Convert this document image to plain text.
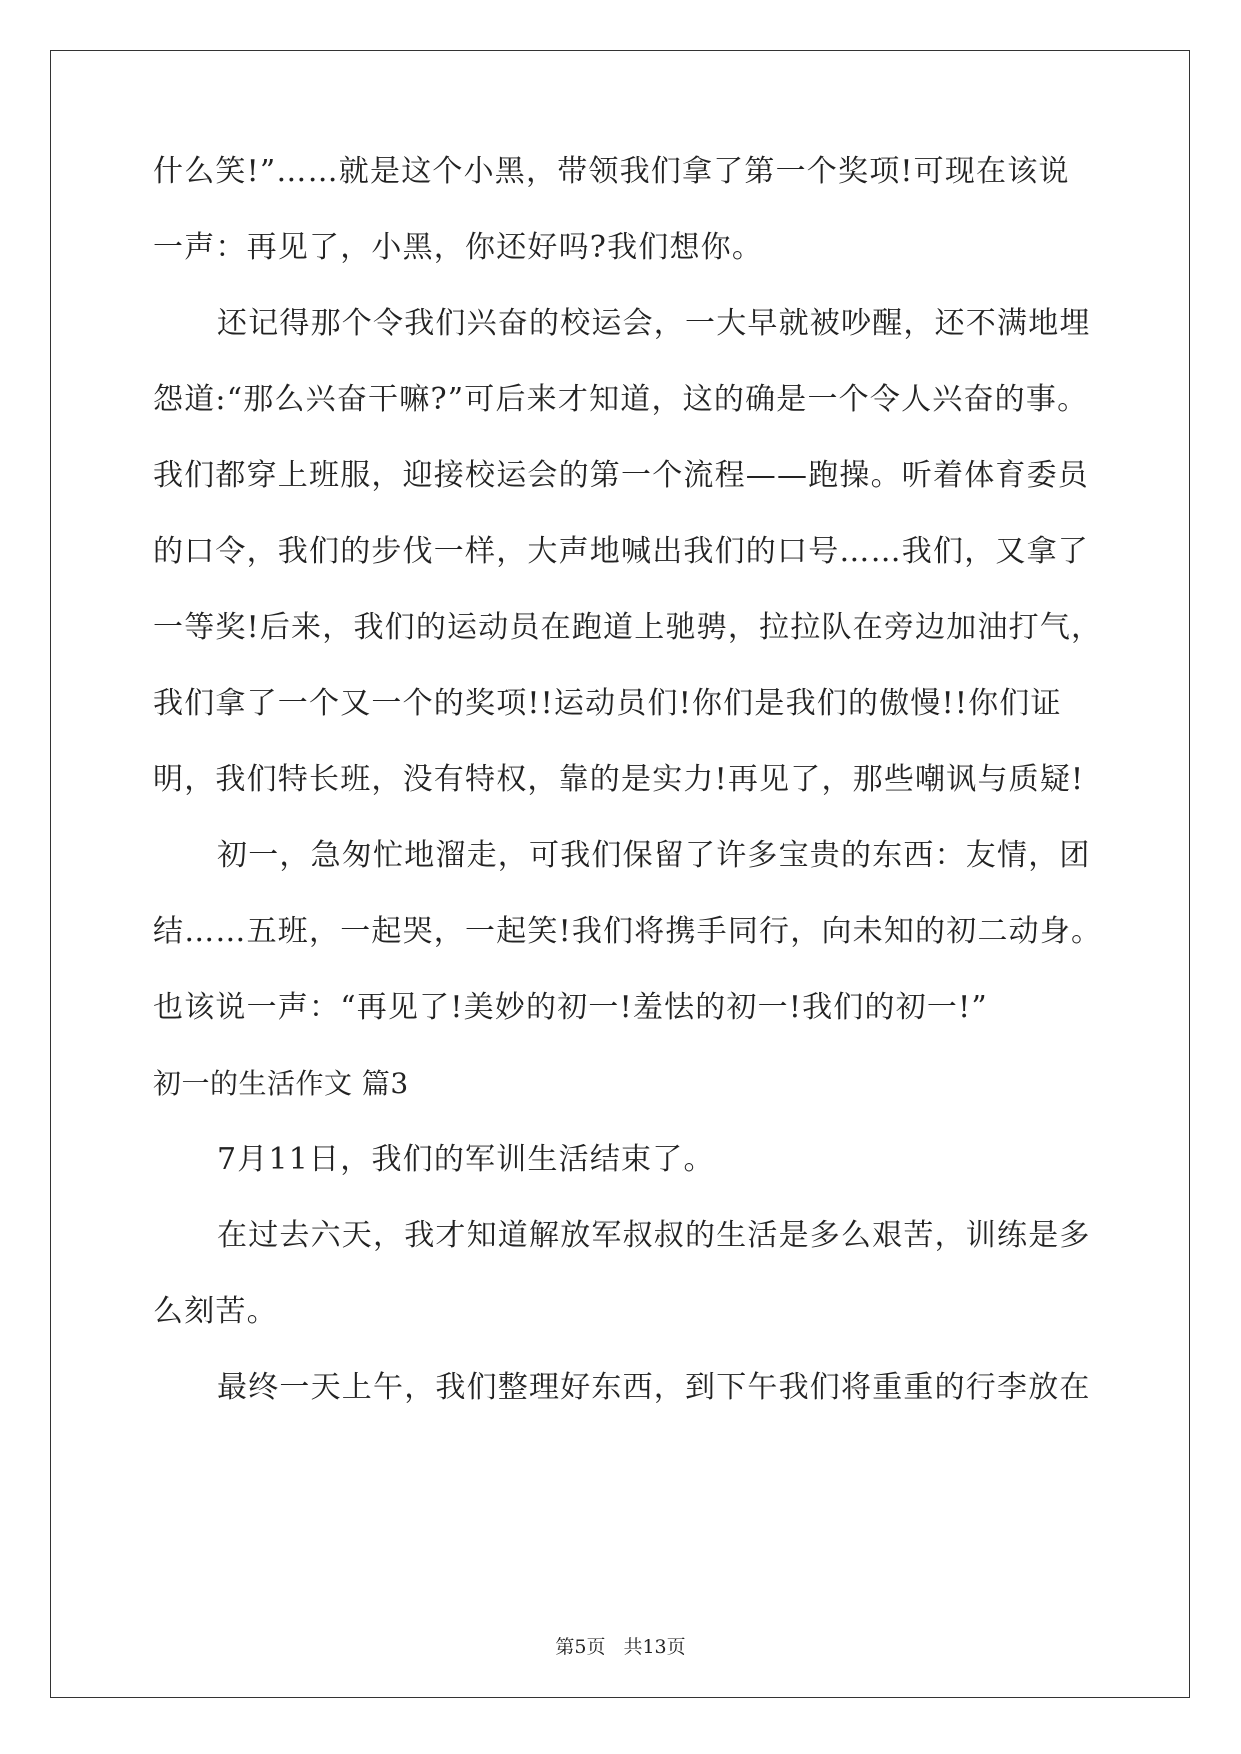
什么笑!”……就是这个小黑，带领我们拿了第一个奖项!可现在该说
一声：再见了，小黑，你还好吗?我们想你。
还记得那个令我们兴奋的校运会，一大早就被吵醒，还不满地埋
怨道:“那么兴奋干嘛?”可后来才知道，这的确是一个令人兴奋的事。
我们都穿上班服，迎接校运会的第一个流程——跑操。听着体育委员
的口令，我们的步伐一样，大声地喊出我们的口号……我们，又拿了
一等奖!后来，我们的运动员在跑道上驰骋，拉拉队在旁边加油打气，
我们拿了一个又一个的奖项!!运动员们!你们是我们的傲慢!!你们证
明，我们特长班，没有特权，靠的是实力!再见了，那些嘲讽与质疑!
初一，急匆忙地溜走，可我们保留了许多宝贵的东西：友情，团
结……五班，一起哭，一起笑!我们将携手同行，向未知的初二动身。
也该说一声：“再见了!美妙的初一!羞怯的初一!我们的初一!”
初一的生活作文 篇3
7月11日，我们的军训生活结束了。
在过去六天，我才知道解放军叔叔的生活是多么艰苦，训练是多
么刻苦。
最终一天上午，我们整理好东西，到下午我们将重重的行李放在
第5页 共13页
